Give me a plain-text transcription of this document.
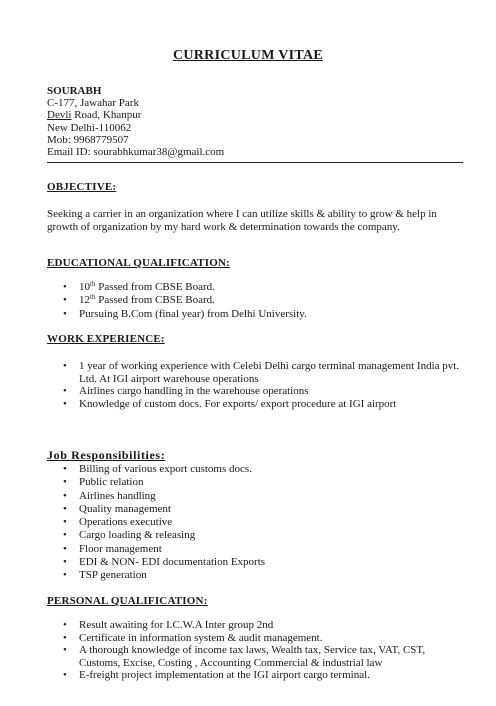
CURRICULUM VITAE
SOURABH
C-177, Jawahar Park
Devli Road, Khanpur
New Delhi-110062
Mob: 9968779507
Email ID: sourabhkumar38@gmail.com
OBJECTIVE:
Seeking a carrier in an organization where I can utilize skills & ability to grow & help in growth of organization by my hard work & determination towards the company.
EDUCATIONAL QUALIFICATION:
• 10th Passed from CBSE Board.
• 12th Passed from CBSE Board.
• Pursuing B.Com (final year) from Delhi University.
WORK EXPERIENCE:
• 1 year of working experience with Celebi Delhi cargo terminal management India pvt. Ltd. At IGI airport warehouse operations
• Airlines cargo handling in the warehouse operations
• Knowledge of custom docs. For exports/ export procedure at IGI airport
Job Responsibilities:
• Billing of various export customs docs.
• Public relation
• Airlines handling
• Quality management
• Operations executive
• Cargo loading & releasing
• Floor management
• EDI & NON- EDI documentation Exports
• TSP generation
PERSONAL QUALIFICATION:
• Result awaiting for I.C.W.A Inter group 2nd
• Certificate in information system & audit management.
• A thorough knowledge of income tax laws, Wealth tax, Service tax, VAT, CST, Customs, Excise, Costing , Accounting Commercial & industrial law
• E-freight project implementation at the IGI airport cargo terminal.
